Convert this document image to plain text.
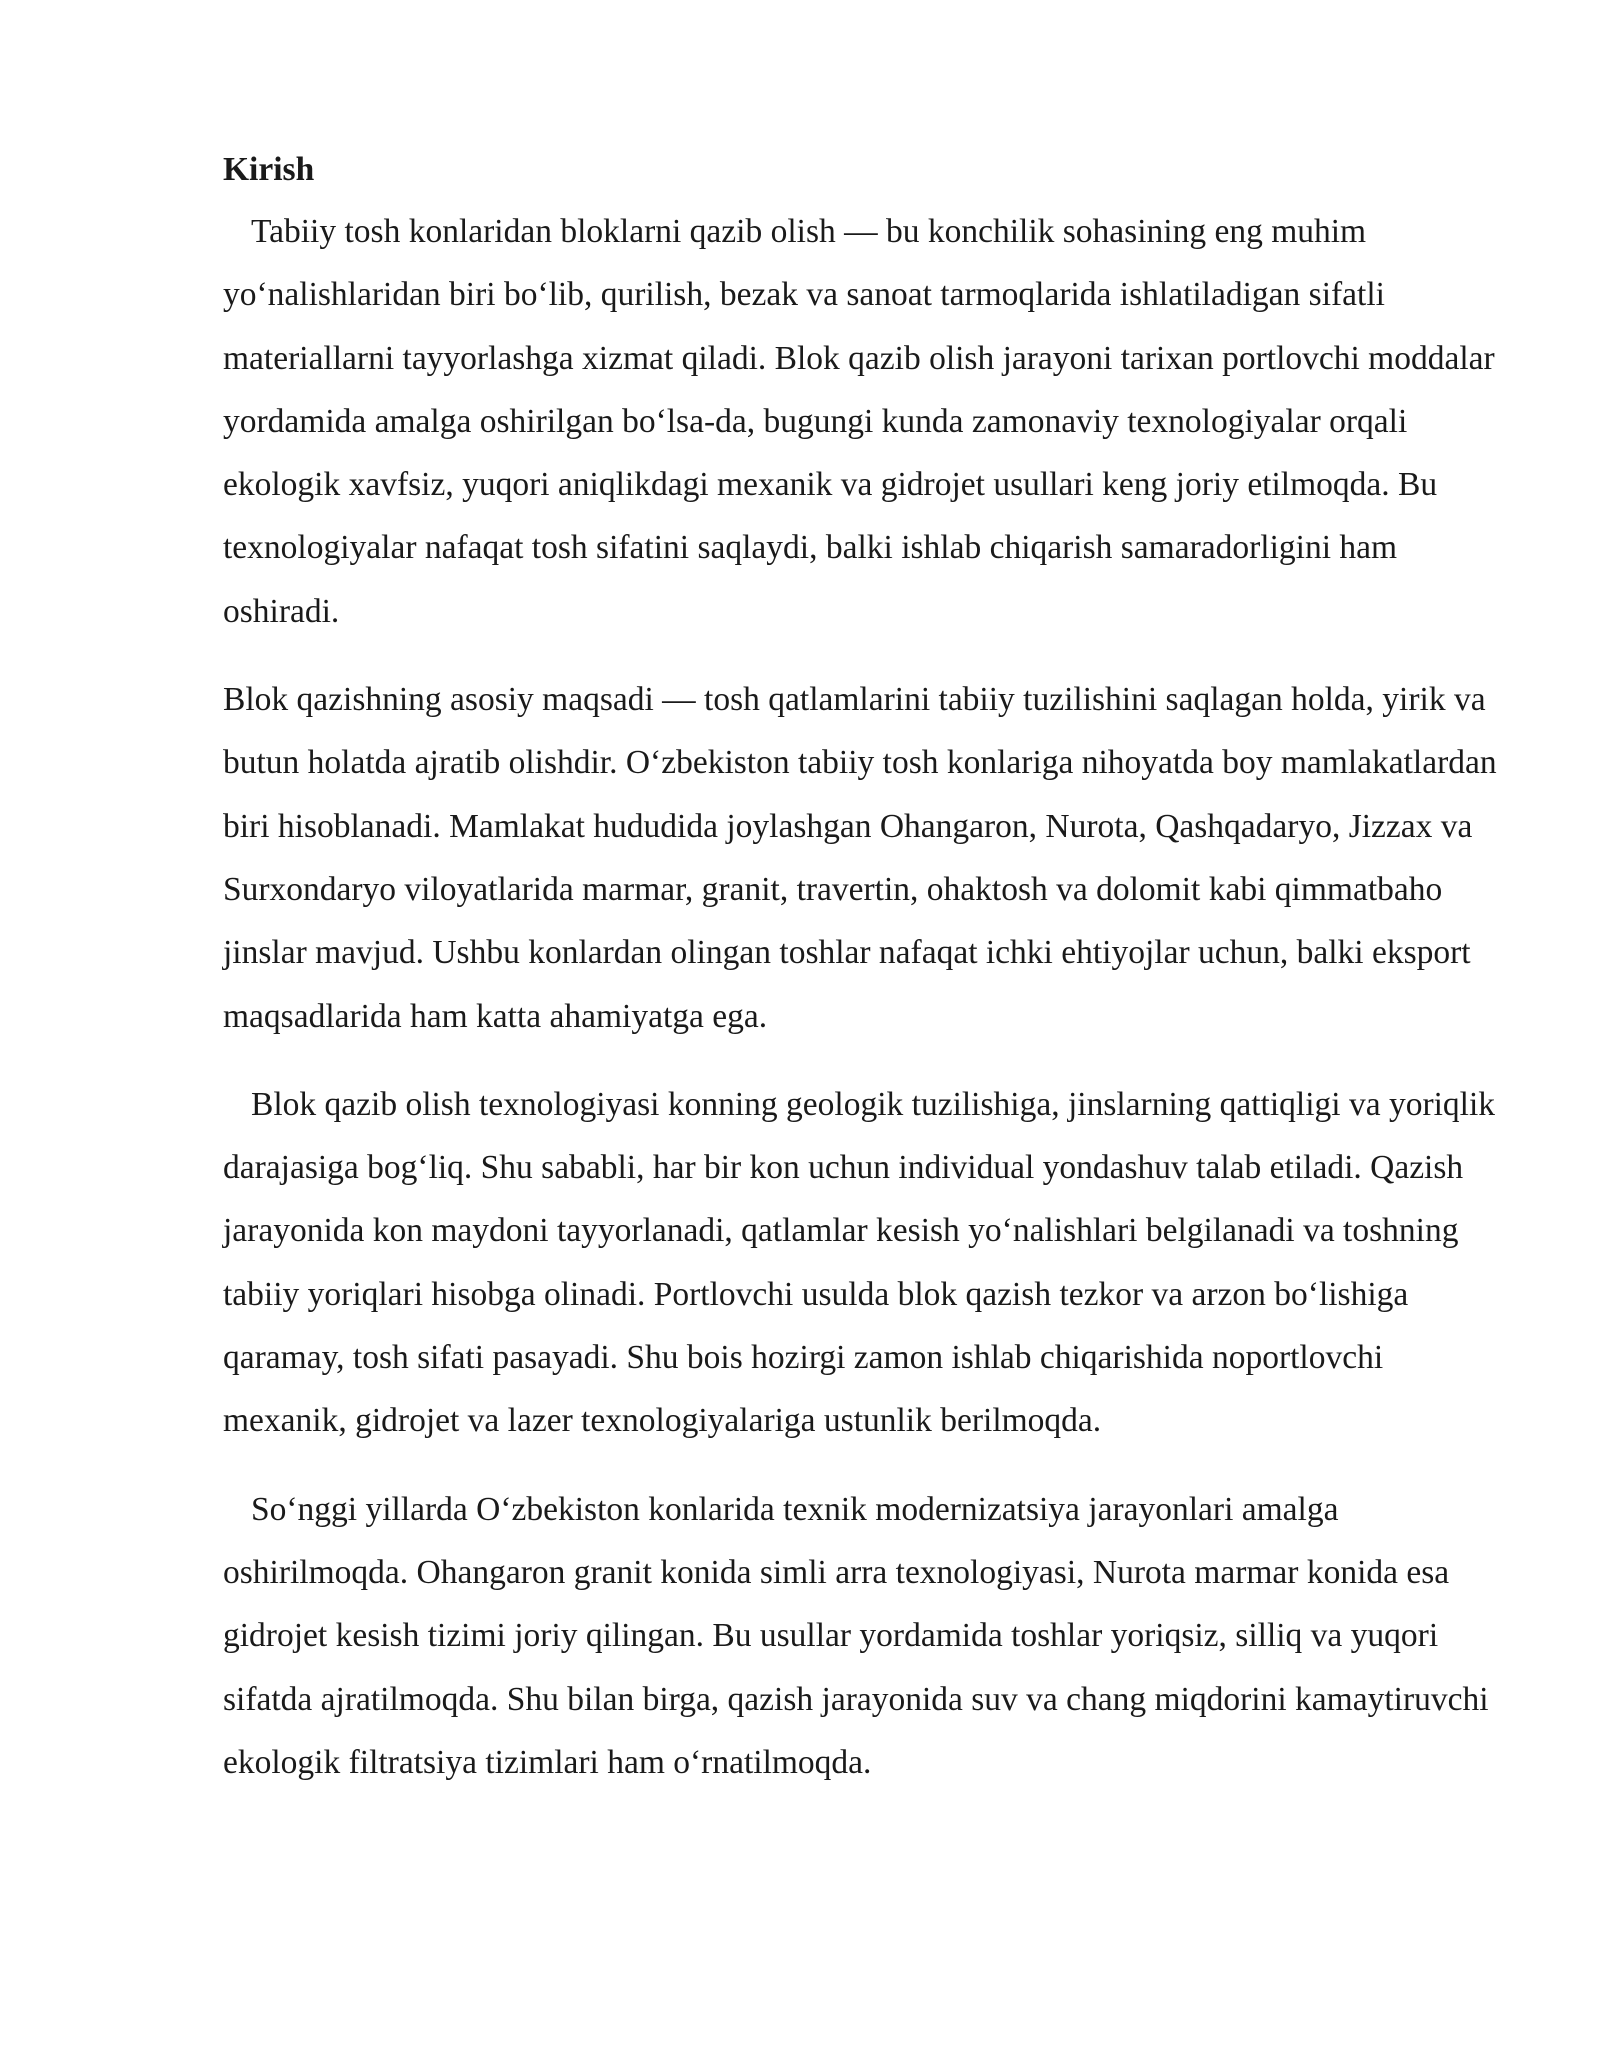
Kirish

Tabiiy tosh konlaridan bloklarni qazib olish — bu konchilik sohasining eng muhim yo‘nalishlaridan biri bo‘lib, qurilish, bezak va sanoat tarmoqlarida ishlatiladigan sifatli materiallarni tayyorlashga xizmat qiladi. Blok qazib olish jarayoni tarixan portlovchi moddalar yordamida amalga oshirilgan bo‘lsa-da, bugungi kunda zamonaviy texnologiyalar orqali ekologik xavfsiz, yuqori aniqlikdagi mexanik va gidrojet usullari keng joriy etilmoqda. Bu texnologiyalar nafaqat tosh sifatini saqlaydi, balki ishlab chiqarish samaradorligini ham oshiradi.

Blok qazishning asosiy maqsadi — tosh qatlamlarini tabiiy tuzilishini saqlagan holda, yirik va butun holatda ajratib olishdir. O‘zbekiston tabiiy tosh konlariga nihoyatda boy mamlakatlardan biri hisoblanadi. Mamlakat hududida joylashgan Ohangaron, Nurota, Qashqadaryo, Jizzax va Surxondaryo viloyatlarida marmar, granit, travertin, ohaktosh va dolomit kabi qimmatbaho jinslar mavjud. Ushbu konlardan olingan toshlar nafaqat ichki ehtiyojlar uchun, balki eksport maqsadlarida ham katta ahamiyatga ega.

Blok qazib olish texnologiyasi konning geologik tuzilishiga, jinslarning qattiqligi va yoriqlik darajasiga bog‘liq. Shu sababli, har bir kon uchun individual yondashuv talab etiladi. Qazish jarayonida kon maydoni tayyorlanadi, qatlamlar kesish yo‘nalishlari belgilanadi va toshning tabiiy yoriqlari hisobga olinadi. Portlovchi usulda blok qazish tezkor va arzon bo‘lishiga qaramay, tosh sifati pasayadi. Shu bois hozirgi zamon ishlab chiqarishida noportlovchi mexanik, gidrojet va lazer texnologiyalariga ustunlik berilmoqda.

So‘nggi yillarda O‘zbekiston konlarida texnik modernizatsiya jarayonlari amalga oshirilmoqda. Ohangaron granit konida simli arra texnologiyasi, Nurota marmar konida esa gidrojet kesish tizimi joriy qilingan. Bu usullar yordamida toshlar yoriqsiz, silliq va yuqori sifatda ajratilmoqda. Shu bilan birga, qazish jarayonida suv va chang miqdorini kamaytiruvchi ekologik filtratsiya tizimlari ham o‘rnatilmoqda.
